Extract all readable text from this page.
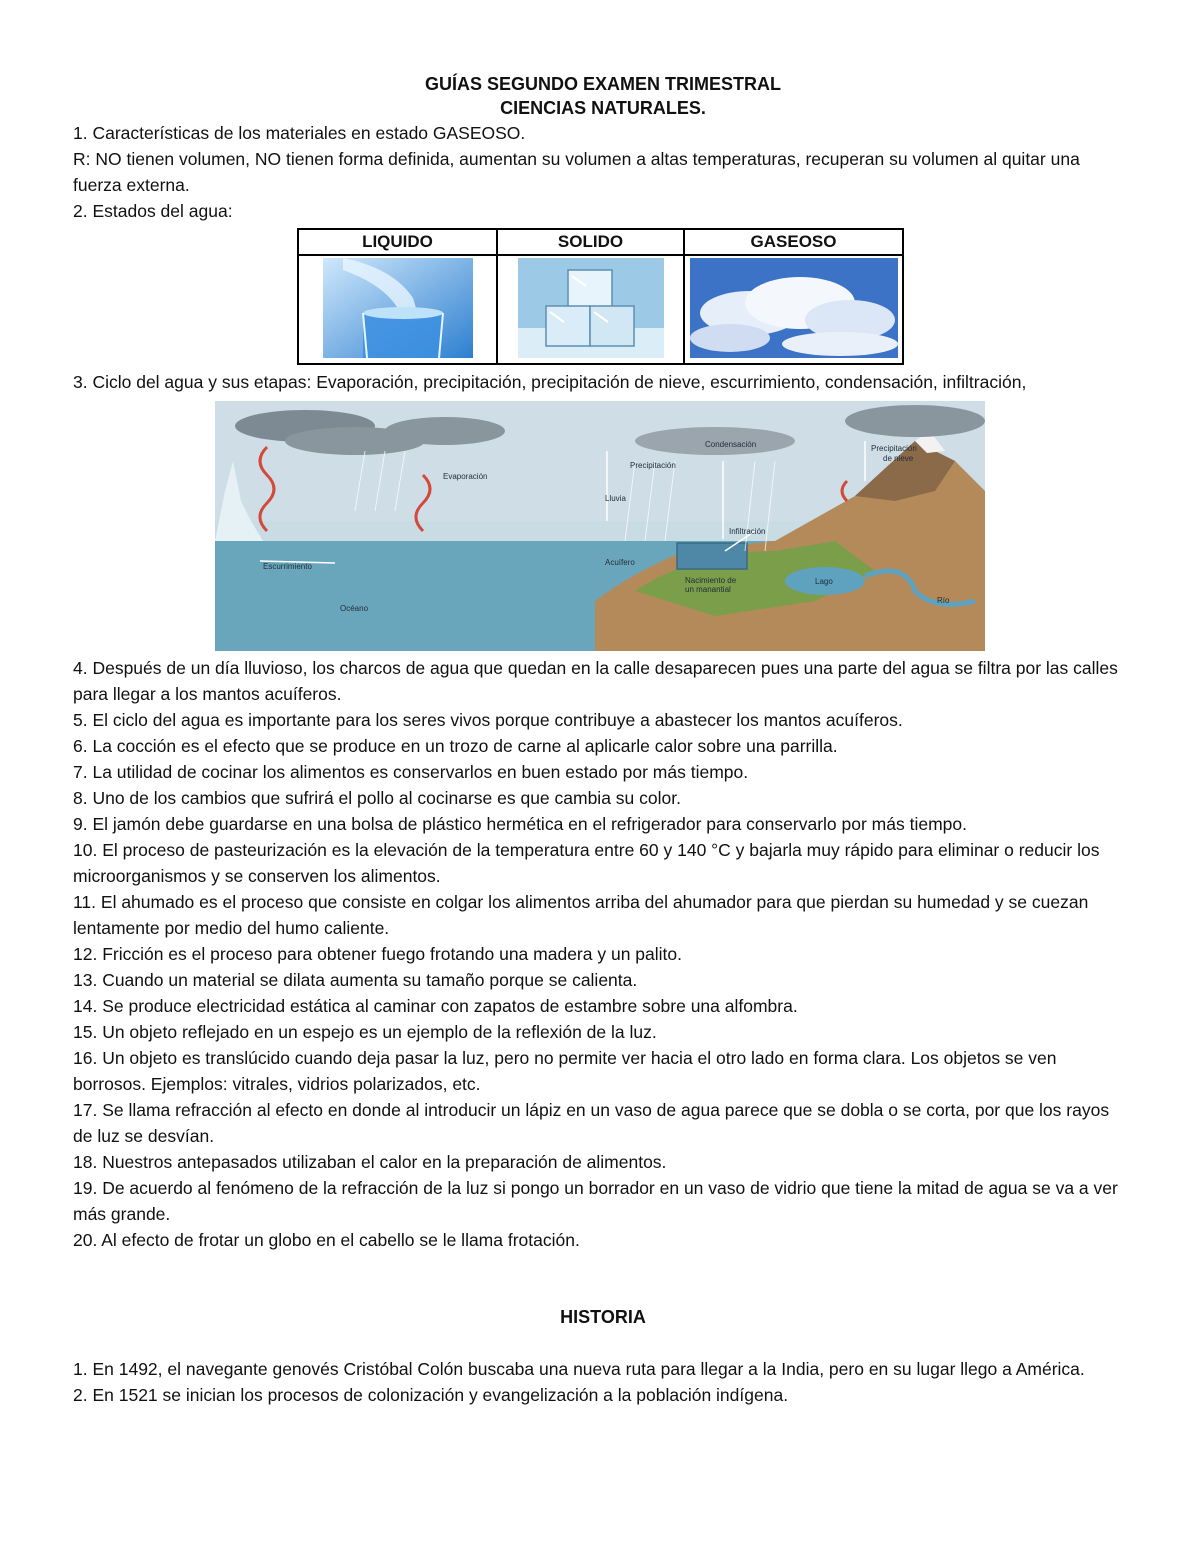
GUÍAS SEGUNDO EXAMEN TRIMESTRAL
CIENCIAS NATURALES.
1. Características de los materiales en estado GASEOSO.
R: NO tienen volumen, NO tienen forma definida, aumentan su volumen a altas temperaturas, recuperan su volumen al quitar una fuerza externa.
2. Estados del agua:
LIQUIDO	SOLIDO	GASEOSO

3. Ciclo del agua y sus etapas: Evaporación, precipitación, precipitación de nieve, escurrimiento, condensación, infiltración,
Evaporación
Condensación
Precipitación
Precipitación
de nieve
Lluvia
Infiltración
Escurrimiento	Acuífero
Nacimiento de
un manantial
Lago
Río
Océano
4. Después de un día lluvioso, los charcos de agua que quedan en la calle desaparecen pues una parte del agua se filtra por las calles para llegar a los mantos acuíferos.
5. El ciclo del agua es importante para los seres vivos porque contribuye a abastecer los mantos acuíferos.
6. La cocción es el efecto que se produce en un trozo de carne al aplicarle calor sobre una parrilla.
7. La utilidad de cocinar los alimentos es conservarlos en buen estado por más tiempo.
8. Uno de los cambios que sufrirá el pollo al cocinarse es que cambia su color.
9. El jamón debe guardarse en una bolsa de plástico hermética en el refrigerador para conservarlo por más tiempo.
10. El proceso de pasteurización es la elevación de la temperatura entre 60 y 140 °C y bajarla muy rápido para eliminar o reducir los microorganismos y se conserven los alimentos.
11. El ahumado es el proceso que consiste en colgar los alimentos arriba del ahumador para que pierdan su humedad y se cuezan lentamente por medio del humo caliente.
12. Fricción es el proceso para obtener fuego frotando una madera y un palito.
13. Cuando un material se dilata aumenta su tamaño porque se calienta.
14. Se produce electricidad estática al caminar con zapatos de estambre sobre una alfombra.
15. Un objeto reflejado en un espejo es un ejemplo de la reflexión de la luz.
16. Un objeto es translúcido cuando deja pasar la luz, pero no permite ver hacia el otro lado en forma clara. Los objetos se ven borrosos. Ejemplos: vitrales, vidrios polarizados, etc.
17. Se llama refracción al efecto en donde al introducir un lápiz en un vaso de agua parece que se dobla o se corta, por que los rayos de luz se desvían.
18. Nuestros antepasados utilizaban el calor en la preparación de alimentos.
19. De acuerdo al fenómeno de la refracción de la luz si pongo un borrador en un vaso de vidrio que tiene la mitad de agua se va a ver más grande.
20. Al efecto de frotar un globo en el cabello se le llama frotación.
HISTORIA
1. En 1492, el navegante genovés Cristóbal Colón buscaba una nueva ruta para llegar a la India, pero en su lugar llego a América.
2. En 1521 se inician los procesos de colonización y evangelización a la población indígena.
